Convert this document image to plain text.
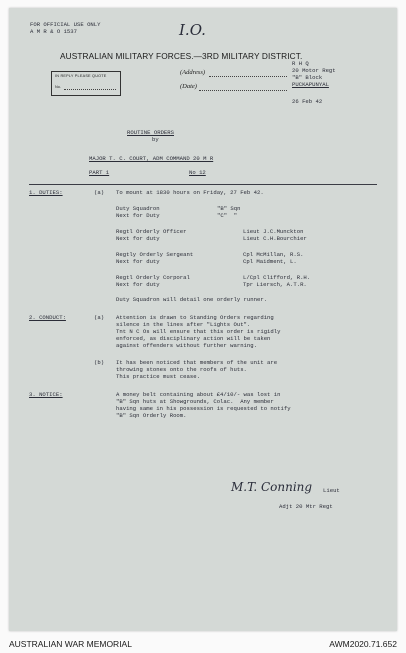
FOR OFFICIAL USE ONLY
A M R & O 1537	I.O.
AUSTRALIAN MILITARY FORCES.—3RD MILITARY DISTRICT.
IN REPLY PLEASE QUOTE
No.
(Address)
(Date)
R H Q
20 Motor Regt
"B" Block
PUCKAPUNYAL
26 Feb 42
ROUTINE ORDERS
by
MAJOR T. C. COURT, ADM COMMAND 20 M R
PART 1	No 12
1. DUTIES:	(a) To mount at 1830 hours on Friday, 27 Feb 42.
Duty Squadron	"B" Sqn
Next for Duty	"C"  "
Regtl Orderly Officer	Lieut J.C.Munckton
Next for duty	Lieut C.H.Bourchier
Regtly Orderly Sergeant	Cpl McMillan, R.S.
Next for duty	Cpl Maidment, L.
Regtl Orderly Corporal	L/Cpl Clifford, R.H.
Next for duty	Tpr Liersch, A.T.R.
Duty Squadron will detail one orderly runner.
2. CONDUCT:	(a) Attention is drawn to Standing Orders regarding
silence in the lines after "Lights Out".
Tnt N C Os will ensure that this order is rigidly
enforced, as disciplinary action will be taken
against offenders without further warning.
(b) It has been noticed that members of the unit are
throwing stones onto the roofs of huts.
This practice must cease.
3. NOTICE:	A money belt containing about £4/10/- was lost in
"B" Sqn huts at Showgrounds, Colac.  Any member
having same in his possession is requested to notify
"B" Sqn Orderly Room.
M.T. Conning Lieut
Adjt 20 Mtr Regt
AUSTRALIAN WAR MEMORIAL	AWM2020.71.652
